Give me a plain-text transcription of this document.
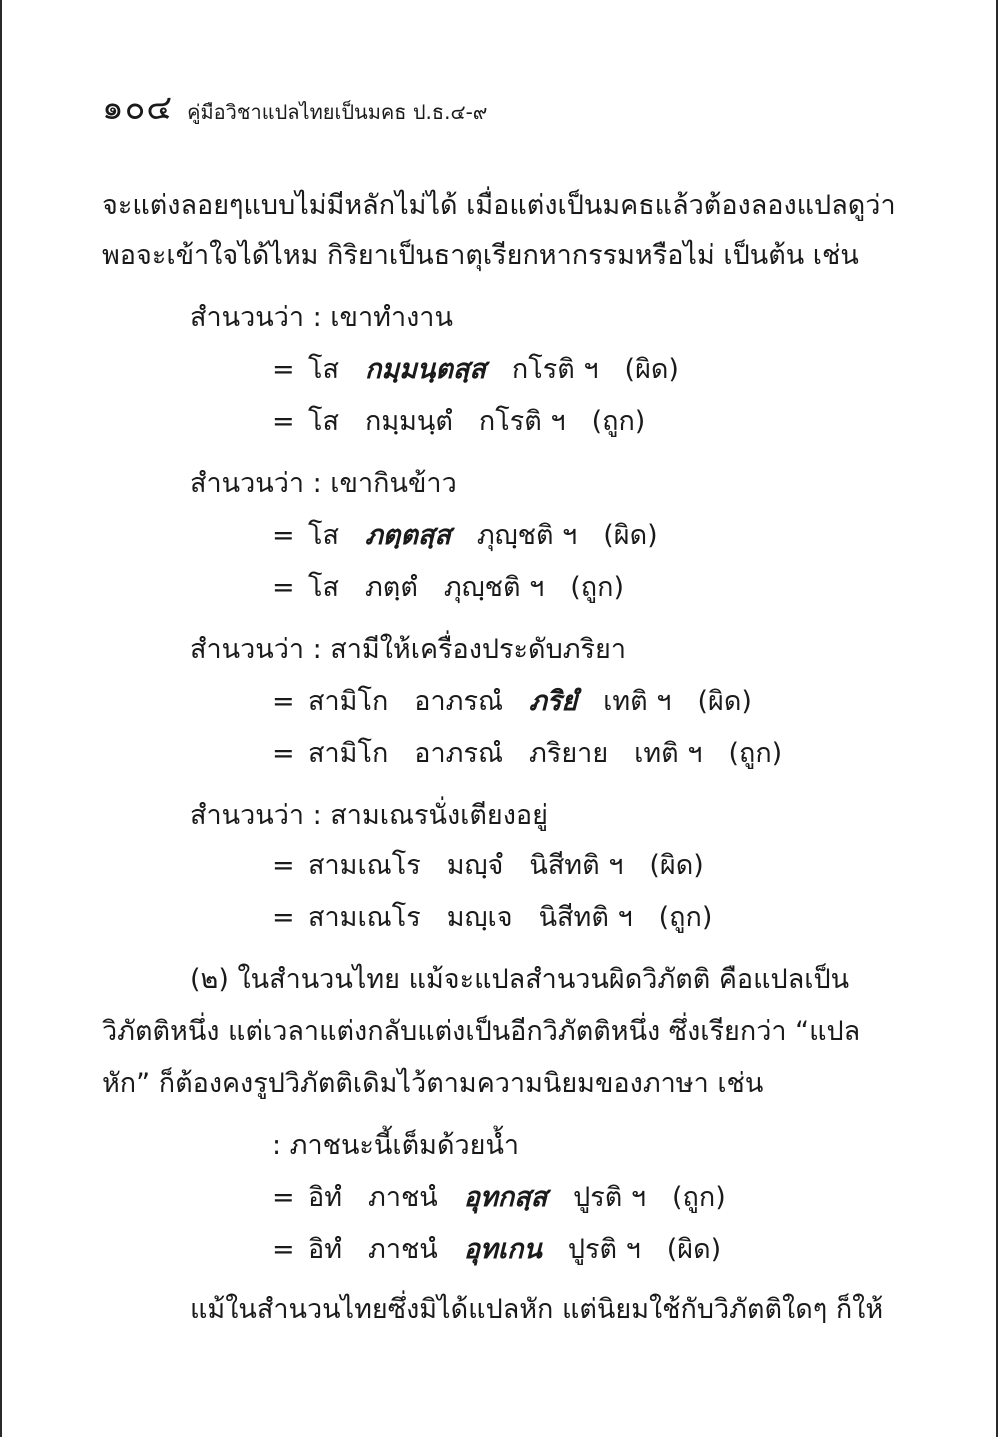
๑๐๔ คู่มือวิชาแปลไทยเป็นมคธ ป.ธ.๔-๙
จะแต่งลอยๆแบบไม่มีหลักไม่ได้ เมื่อแต่งเป็นมคธแล้วต้องลองแปลดูว่า
พอจะเข้าใจได้ไหม กิริยาเป็นธาตุเรียกหากรรมหรือไม่ เป็นต้น เช่น
สำนวนว่า : เขาทำงาน
= โส กมฺมนฺตสฺส กโรติ ฯ (ผิด)
= โส กมฺมนฺตํ กโรติ ฯ (ถูก)
สำนวนว่า : เขากินข้าว
= โส ภตฺตสฺส ภุญฺชติ ฯ (ผิด)
= โส ภตฺตํ ภุญฺชติ ฯ (ถูก)
สำนวนว่า : สามีให้เครื่องประดับภริยา
= สามิโก อาภรณํ ภริยํ เทติ ฯ (ผิด)
= สามิโก อาภรณํ ภริยาย เทติ ฯ (ถูก)
สำนวนว่า : สามเณรนั่งเตียงอยู่
= สามเณโร มญฺจํ นิสีทติ ฯ (ผิด)
= สามเณโร มญฺเจ นิสีทติ ฯ (ถูก)
(๒) ในสำนวนไทย แม้จะแปลสำนวนผิดวิภัตติ คือแปลเป็น
วิภัตติหนึ่ง แต่เวลาแต่งกลับแต่งเป็นอีกวิภัตติหนึ่ง ซึ่งเรียกว่า “แปล
หัก” ก็ต้องคงรูปวิภัตติเดิมไว้ตามความนิยมของภาษา เช่น
: ภาชนะนี้เต็มด้วยน้ำ
= อิทํ ภาชนํ อุทกสฺส ปูรติ ฯ (ถูก)
= อิทํ ภาชนํ อุทเกน ปูรติ ฯ (ผิด)
แม้ในสำนวนไทยซึ่งมิได้แปลหัก แต่นิยมใช้กับวิภัตติใดๆ ก็ให้
